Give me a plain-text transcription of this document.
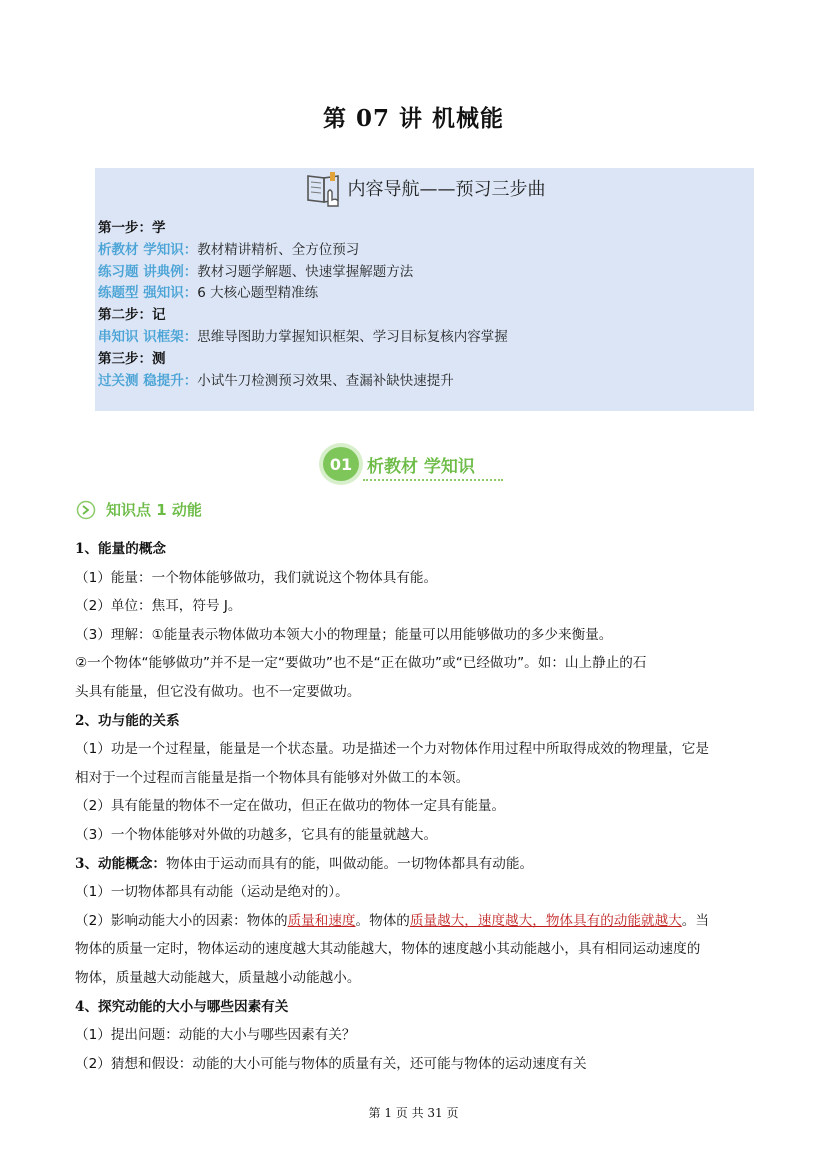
第 07 讲 机械能
内容导航——预习三步曲
第一步：学
析教材 学知识：教材精讲精析、全方位预习
练习题 讲典例：教材习题学解题、快速掌握解题方法
练题型 强知识：6 大核心题型精准练
第二步：记
串知识 识框架：思维导图助力掌握知识框架、学习目标复核内容掌握
第三步：测
过关测 稳提升：小试牛刀检测预习效果、查漏补缺快速提升
01 析教材 学知识
知识点 1 动能
1、能量的概念
（1）能量：一个物体能够做功，我们就说这个物体具有能。
（2）单位：焦耳，符号 J。
（3）理解：①能量表示物体做功本领大小的物理量；能量可以用能够做功的多少来衡量。
②一个物体“能够做功”并不是一定“要做功”也不是“正在做功”或“已经做功”。如：山上静止的石
头具有能量，但它没有做功。也不一定要做功。
2、功与能的关系
（1）功是一个过程量，能量是一个状态量。功是描述一个力对物体作用过程中所取得成效的物理量，它是
相对于一个过程而言能量是指一个物体具有能够对外做工的本领。
（2）具有能量的物体不一定在做功，但正在做功的物体一定具有能量。
（3）一个物体能够对外做的功越多，它具有的能量就越大。
3、动能概念：物体由于运动而具有的能，叫做动能。一切物体都具有动能。
（1）一切物体都具有动能（运动是绝对的）。
（2）影响动能大小的因素：物体的质量和速度。物体的质量越大，速度越大，物体具有的动能就越大。当
物体的质量一定时，物体运动的速度越大其动能越大，物体的速度越小其动能越小，具有相同运动速度的
物体，质量越大动能越大，质量越小动能越小。
4、探究动能的大小与哪些因素有关
（1）提出问题：动能的大小与哪些因素有关？
（2）猜想和假设：动能的大小可能与物体的质量有关，还可能与物体的运动速度有关
第 1 页 共 31 页
